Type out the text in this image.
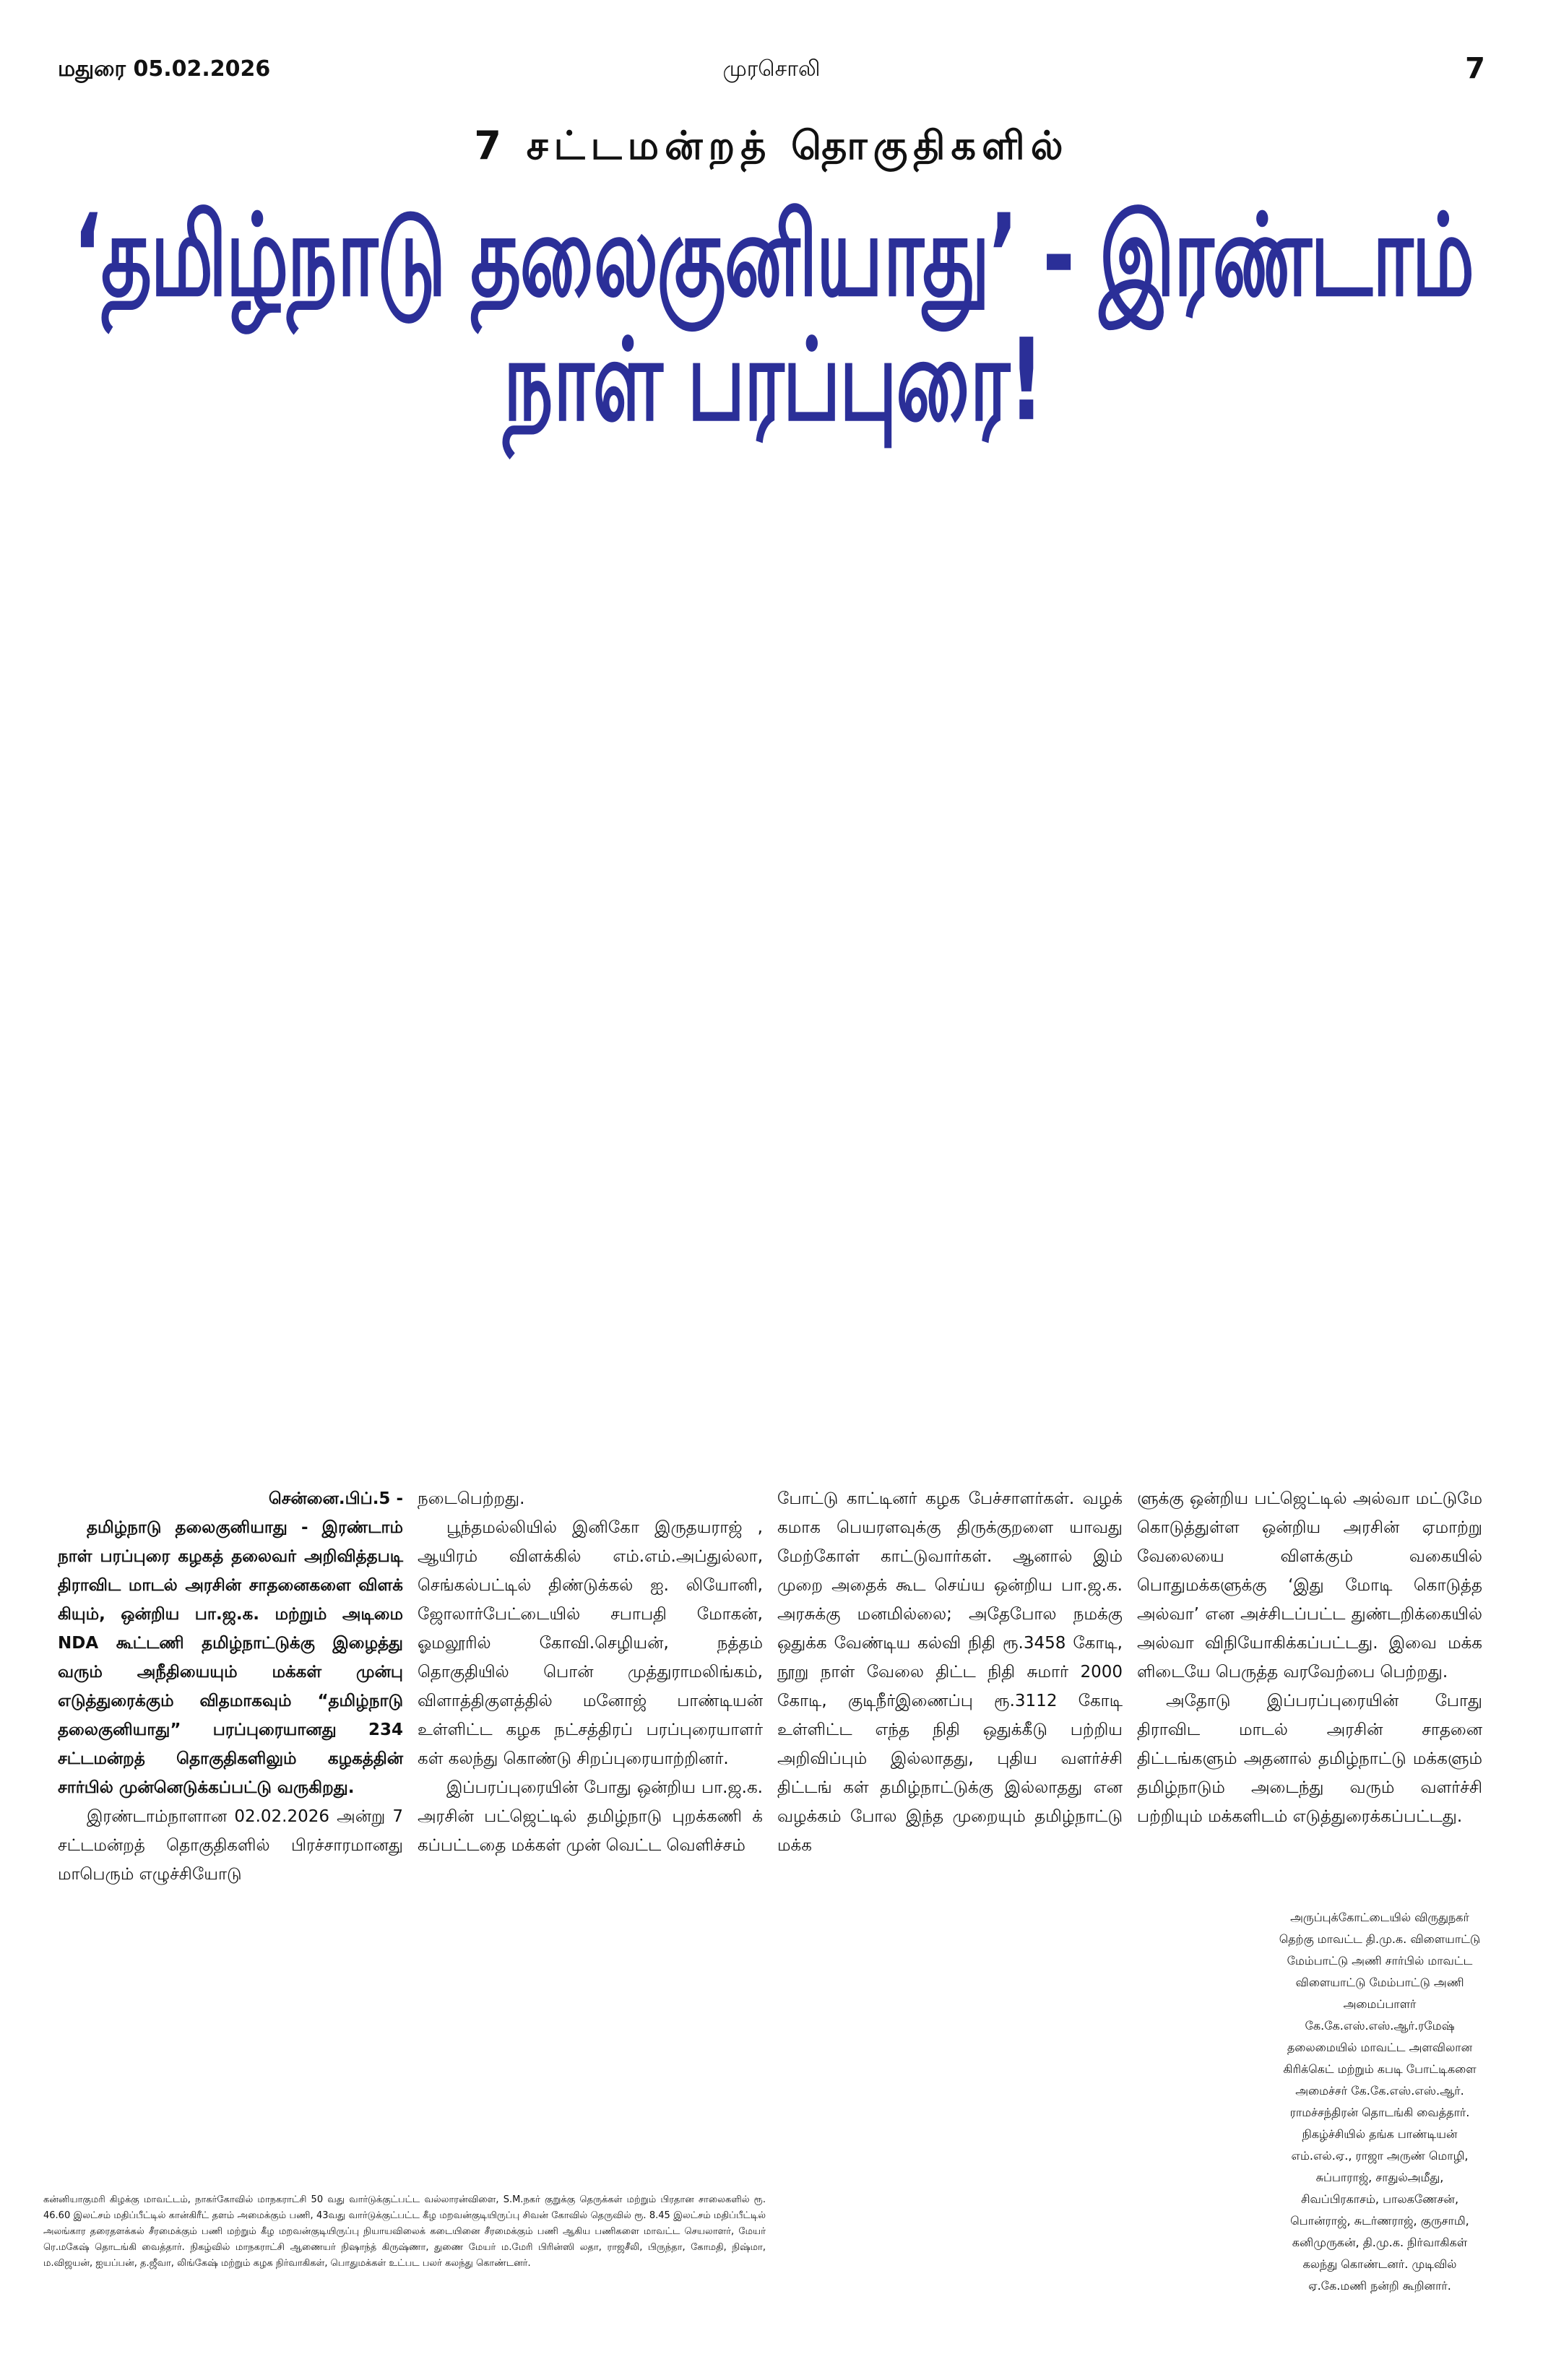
மதுரை 05.02.2026	முரசொலி	7
7 சட்டமன்றத் தொகுதிகளில்
‘தமிழ்நாடு தலைகுனியாது’ - இரண்டாம் நாள் பரப்புரை!

சென்னை.பிப்.5 -

தமிழ்நாடு தலைகுனியாது - இரண்டாம் நாள் பரப்புரை கழகத் தலைவர் அறிவித்தபடி திராவிட மாடல் அரசின் சாதனைகளை விளக் கியும், ஒன்றிய பா.ஜ.க. மற்றும் அடிமை NDA கூட்டணி தமிழ்நாட்டுக்கு இழைத்து வரும் அநீதியையும் மக்கள் முன்பு எடுத்துரைக்கும் விதமாகவும் “தமிழ்நாடு தலைகுனியாது” பரப்புரையானது 234 சட்டமன்றத் தொகுதிகளிலும் கழகத்தின் சார்பில் முன்னெடுக்கப்பட்டு வருகிறது.

இரண்டாம்நாளான 02.02.2026 அன்று 7 சட்டமன்றத் தொகுதிகளில் பிரச்சாரமானது மாபெரும் எழுச்சியோடு

நடைபெற்றது.

பூந்தமல்லியில் இனிகோ இருதயராஜ் , ஆயிரம் விளக்கில் எம்.எம்.அப்துல்லா, செங்கல்பட்டில் திண்டுக்கல் ஐ. லியோனி, ஜோலார்பேட்டையில் சபாபதி மோகன், ஓமலூரில் கோவி.செழியன், நத்தம் தொகுதியில் பொன் முத்துராமலிங்கம், விளாத்திகுளத்தில் மனோஜ் பாண்டியன் உள்ளிட்ட கழக நட்சத்திரப் பரப்புரையாளர் கள் கலந்து கொண்டு சிறப்புரையாற்றினர்.

இப்பரப்புரையின் போது ஒன்றிய பா.ஜ.க. அரசின் பட்ஜெட்டில் தமிழ்நாடு புறக்கணி க் கப்பட்டதை மக்கள் முன் வெட்ட வெளிச்சம்

போட்டு காட்டினர் கழக பேச்சாளர்கள். வழக் கமாக பெயரளவுக்கு திருக்குறளை யாவது மேற்கோள் காட்டுவார்கள். ஆனால் இம் முறை அதைக் கூட செய்ய ஒன்றிய பா.ஜ.க. அரசுக்கு மனமில்லை; அதேபோல நமக்கு ஒதுக்க வேண்டிய கல்வி நிதி ரூ.3458 கோடி, நூறு நாள் வேலை திட்ட நிதி சுமார் 2000 கோடி, குடிநீர்இணைப்பு ரூ.3112 கோடி உள்ளிட்ட எந்த நிதி ஒதுக்கீடு பற்றிய அறிவிப்பும் இல்லாதது, புதிய வளர்ச்சி திட்டங் கள் தமிழ்நாட்டுக்கு இல்லாதது என வழக்கம் போல இந்த முறையும் தமிழ்நாட்டு மக்க

ளுக்கு ஒன்றிய பட்ஜெட்டில் அல்வா மட்டுமே கொடுத்துள்ள ஒன்றிய அரசின் ஏமாற்று வேலையை விளக்கும் வகையில் பொதுமக்களுக்கு ‘இது மோடி கொடுத்த அல்வா’ என அச்சிடப்பட்ட துண்டறிக்கையில் அல்வா விநியோகிக்கப்பட்டது. இவை மக்க ளிடையே பெருத்த வரவேற்பை பெற்றது.

அதோடு இப்பரப்புரையின் போது திராவிட மாடல் அரசின் சாதனை திட்டங்களும் அதனால் தமிழ்நாட்டு மக்களும் தமிழ்நாடும் அடைந்து வரும் வளர்ச்சி பற்றியும் மக்களிடம் எடுத்துரைக்கப்பட்டது.

அருப்புக்கோட்டையில் விருதுநகர் தெற்கு மாவட்ட தி.மு.க. விளையாட்டு மேம்பாட்டு அணி சார்பில் மாவட்ட விளையாட்டு மேம்பாட்டு அணி அமைப்பாளர் கே.கே.எஸ்.எஸ்.ஆர்.ரமேஷ் தலைமையில் மாவட்ட அளவிலான கிரிக்கெட் மற்றும் கபடி போட்டிகளை அமைச்சர் கே.கே.எஸ்.எஸ்.ஆர். ராமச்சந்திரன் தொடங்கி வைத்தார். நிகழ்ச்சியில் தங்க பாண்டியன் எம்.எல்.ஏ., ராஜா அருண் மொழி, சுப்பாராஜ், சாதுல்அமீது, சிவப்பிரகாசம், பாலகணேசன், பொன்ராஜ், சுடர்ணராஜ், குருசாமி, கனிமுருகன், தி.மு.க. நிர்வாகிகள் கலந்து கொண்டனர். முடிவில் ஏ.கே.மணி நன்றி கூறினார்.
கன்னியாகுமரி கிழக்கு மாவட்டம், நாகர்கோவில் மாநகராட்சி 50 வது வார்டுக்குட்பட்ட வல்லாரன்விளை, S.M.நகர் குறுக்கு தெருக்கள் மற்றும் பிரதான சாலைகளில் ரூ. 46.60 இலட்சம் மதிப்பீட்டில் கான்கிரீட் தளம் அமைக்கும் பணி, 43வது வார்டுக்குட்பட்ட கீழ மறவன்குடியிருப்பு சிவன் கோவில் தெருவில் ரூ. 8.45 இலட்சம் மதிப்பீட்டில் அலங்கார தரைதளக்கல் சீரமைக்கும் பணி மற்றும் கீழ மறவன்குடியிருப்பு நியாயவிலைக் கடையினை சீரமைக்கும் பணி ஆகிய பணிகளை மாவட்ட செயலாளர், மேயர் ரெ.மகேஷ் தொடங்கி வைத்தார். நிகழ்வில் மாநகராட்சி ஆணையர் நிஷாந்த் கிருஷ்ணா, துணை மேயர் ம.மேரி பிரின்ஸி லதா, ராஜசீலி, பிருந்தா, கோமதி, நிஷ்மா, ம.விஜயன், ஐயப்பன், த.ஜீவா, லிங்கேஷ் மற்றும் கழக நிர்வாகிகள், பொதுமக்கள் உட்பட பலர் கலந்து கொண்டனர்.
